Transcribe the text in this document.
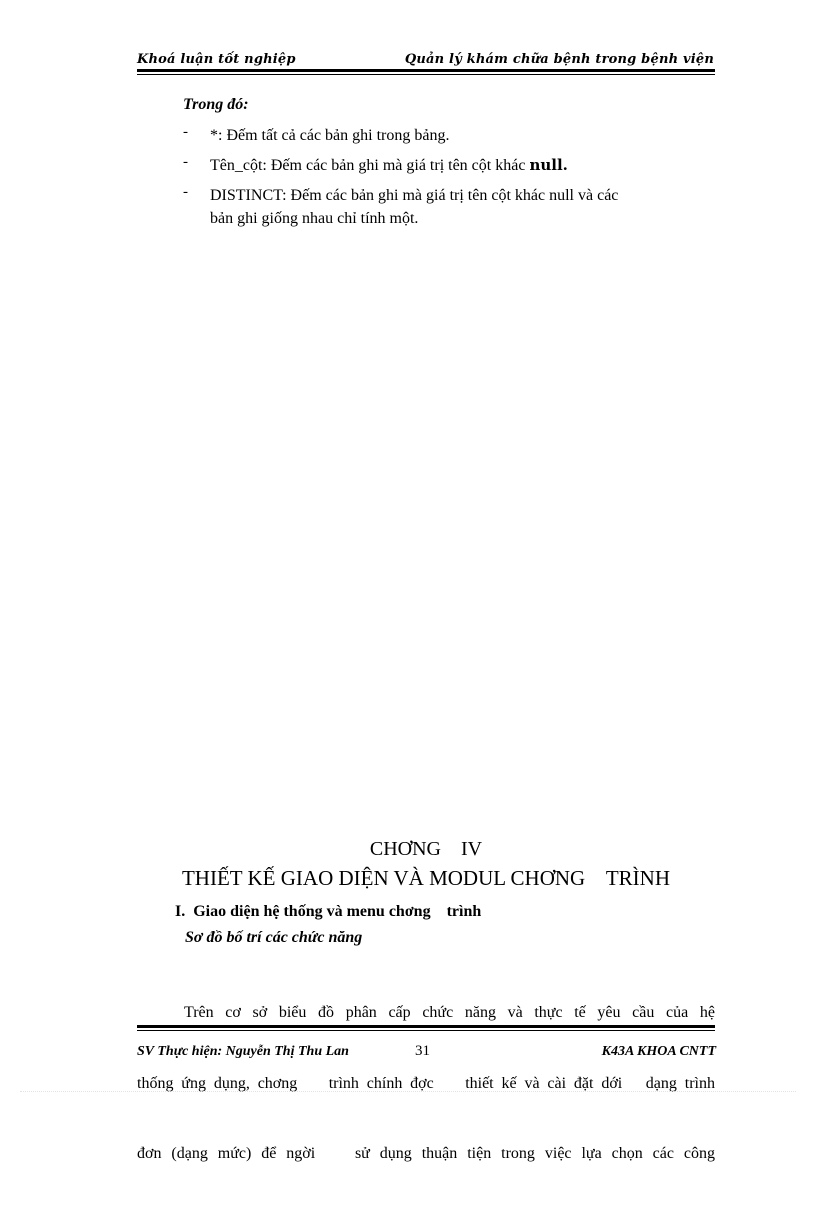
Khoá luận tốt nghiệp	Quản lý khám chữa bệnh trong bệnh viện
Trong đó:
- *: Đếm tất cả các bản ghi trong bảng.
- Tên_cột: Đếm các bản ghi mà giá trị tên cột khác null.
- DISTINCT: Đếm các bản ghi mà giá trị tên cột khác null và các
bản ghi giống nhau chỉ tính một.
CHƠNG    IV
THIẾT KẾ GIAO DIỆN VÀ MODUL CHƠNG    TRÌNH
I.  Giao diện hệ thống và menu chơng    trình
Sơ đồ bố trí các chức năng

Trên cơ sở biểu đồ phân cấp chức năng và thực tế yêu cầu của hệ

thống ứng dụng, chơng    trình chính đợc    thiết kế và cài đặt dới   dạng trình

đơn (dạng mức) để ngời    sử dụng thuận tiện trong việc lựa chọn các công

SV Thực hiện: Nguyễn Thị Thu Lan	31	K43A KHOA CNTT
